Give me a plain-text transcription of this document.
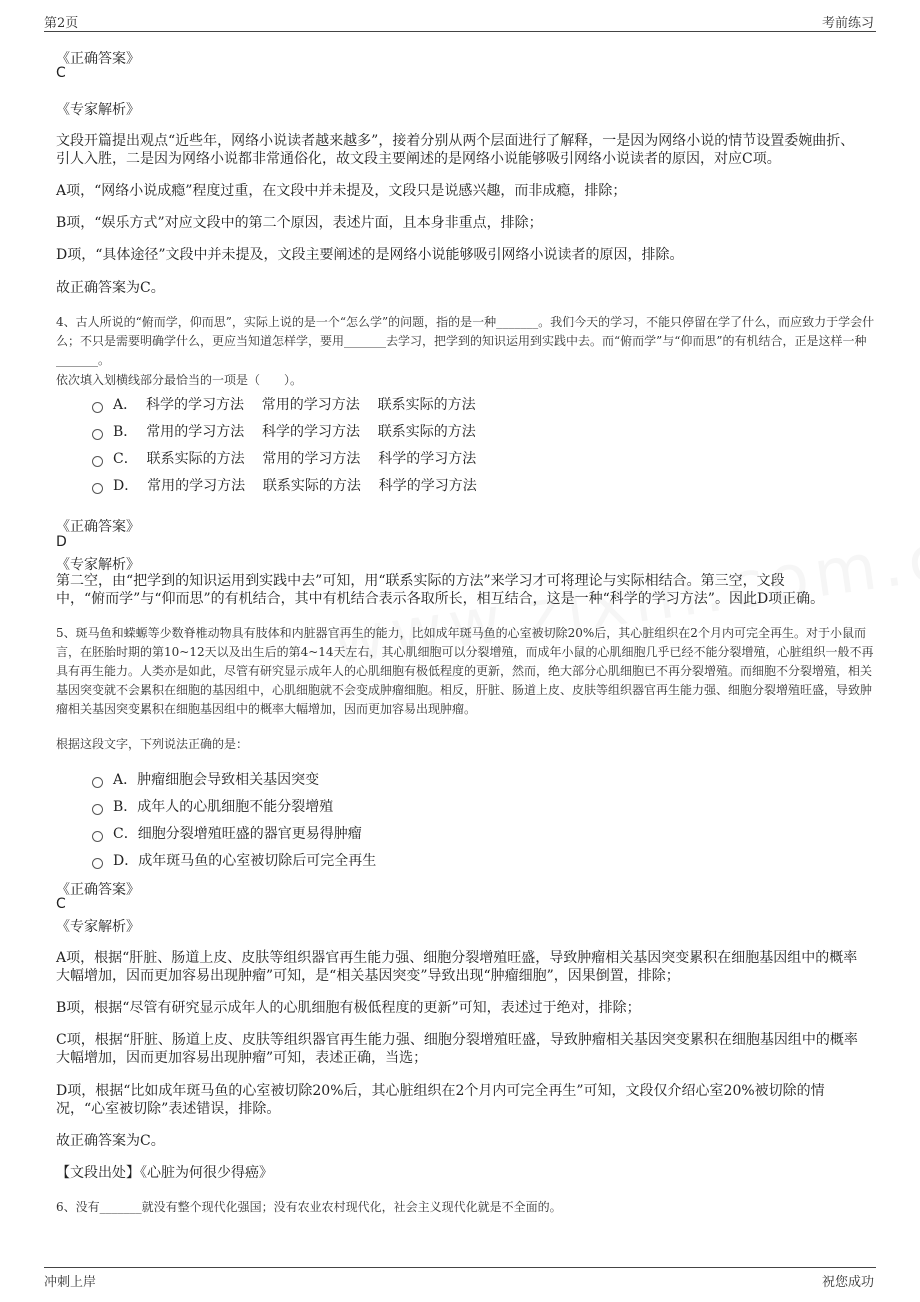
第2页	考前练习
《正确答案》
C
《专家解析》
文段开篇提出观点“近些年，网络小说读者越来越多”，接着分别从两个层面进行了解释，一是因为网络小说的情节设置委婉曲折、引人入胜，二是因为网络小说都非常通俗化，故文段主要阐述的是网络小说能够吸引网络小说读者的原因，对应C项。
A项，“网络小说成瘾”程度过重，在文段中并未提及，文段只是说感兴趣，而非成瘾，排除；
B项，“娱乐方式”对应文段中的第二个原因，表述片面，且本身非重点，排除；
D项，“具体途径”文段中并未提及，文段主要阐述的是网络小说能够吸引网络小说读者的原因，排除。
故正确答案为C。
4、古人所说的“俯而学，仰而思”，实际上说的是一个“怎么学”的问题，指的是一种_______。我们今天的学习，不能只停留在学了什么，而应致力于学会什么；不只是需要明确学什么，更应当知道怎样学，要用_______去学习，把学到的知识运用到实践中去。而“俯而学”与“仰而思”的有机结合，正是这样一种_______。
依次填入划横线部分最恰当的一项是（　　）。
A．  科学的学习方法    常用的学习方法    联系实际的方法
B．  常用的学习方法    科学的学习方法    联系实际的方法
C．  联系实际的方法    常用的学习方法    科学的学习方法
D．  常用的学习方法    联系实际的方法    科学的学习方法
《正确答案》
D
《专家解析》
第二空，由“把学到的知识运用到实践中去”可知，用“联系实际的方法”来学习才可将理论与实际相结合。第三空，文段中，“俯而学”与“仰而思”的有机结合，其中有机结合表示各取所长，相互结合，这是一种“科学的学习方法”。因此D项正确。
5、斑马鱼和蝾螈等少数脊椎动物具有肢体和内脏器官再生的能力，比如成年斑马鱼的心室被切除20%后，其心脏组织在2个月内可完全再生。对于小鼠而言，在胚胎时期的第10~12天以及出生后的第4~14天左右，其心肌细胞可以分裂增殖，而成年小鼠的心肌细胞几乎已经不能分裂增殖，心脏组织一般不再具有再生能力。人类亦是如此，尽管有研究显示成年人的心肌细胞有极低程度的更新，然而，绝大部分心肌细胞已不再分裂增殖。而细胞不分裂增殖，相关基因突变就不会累积在细胞的基因组中，心肌细胞就不会变成肿瘤细胞。相反，肝脏、肠道上皮、皮肤等组织器官再生能力强、细胞分裂增殖旺盛，导致肿瘤相关基因突变累积在细胞基因组中的概率大幅增加，因而更加容易出现肿瘤。
根据这段文字，下列说法正确的是：
A．肿瘤细胞会导致相关基因突变
B．成年人的心肌细胞不能分裂增殖
C．细胞分裂增殖旺盛的器官更易得肿瘤
D．成年斑马鱼的心室被切除后可完全再生
《正确答案》
C
《专家解析》
A项，根据“肝脏、肠道上皮、皮肤等组织器官再生能力强、细胞分裂增殖旺盛，导致肿瘤相关基因突变累积在细胞基因组中的概率大幅增加，因而更加容易出现肿瘤”可知，是“相关基因突变”导致出现“肿瘤细胞”，因果倒置，排除；
B项，根据“尽管有研究显示成年人的心肌细胞有极低程度的更新”可知，表述过于绝对，排除；
C项，根据“肝脏、肠道上皮、皮肤等组织器官再生能力强、细胞分裂增殖旺盛，导致肿瘤相关基因突变累积在细胞基因组中的概率大幅增加，因而更加容易出现肿瘤”可知，表述正确，当选；
D项，根据“比如成年斑马鱼的心室被切除20%后，其心脏组织在2个月内可完全再生”可知，文段仅介绍心室20%被切除的情况，“心室被切除”表述错误，排除。
故正确答案为C。
【文段出处】《心脏为何很少得癌》
6、没有_______就没有整个现代化强国；没有农业农村现代化，社会主义现代化就是不全面的。
冲刺上岸	祝您成功
